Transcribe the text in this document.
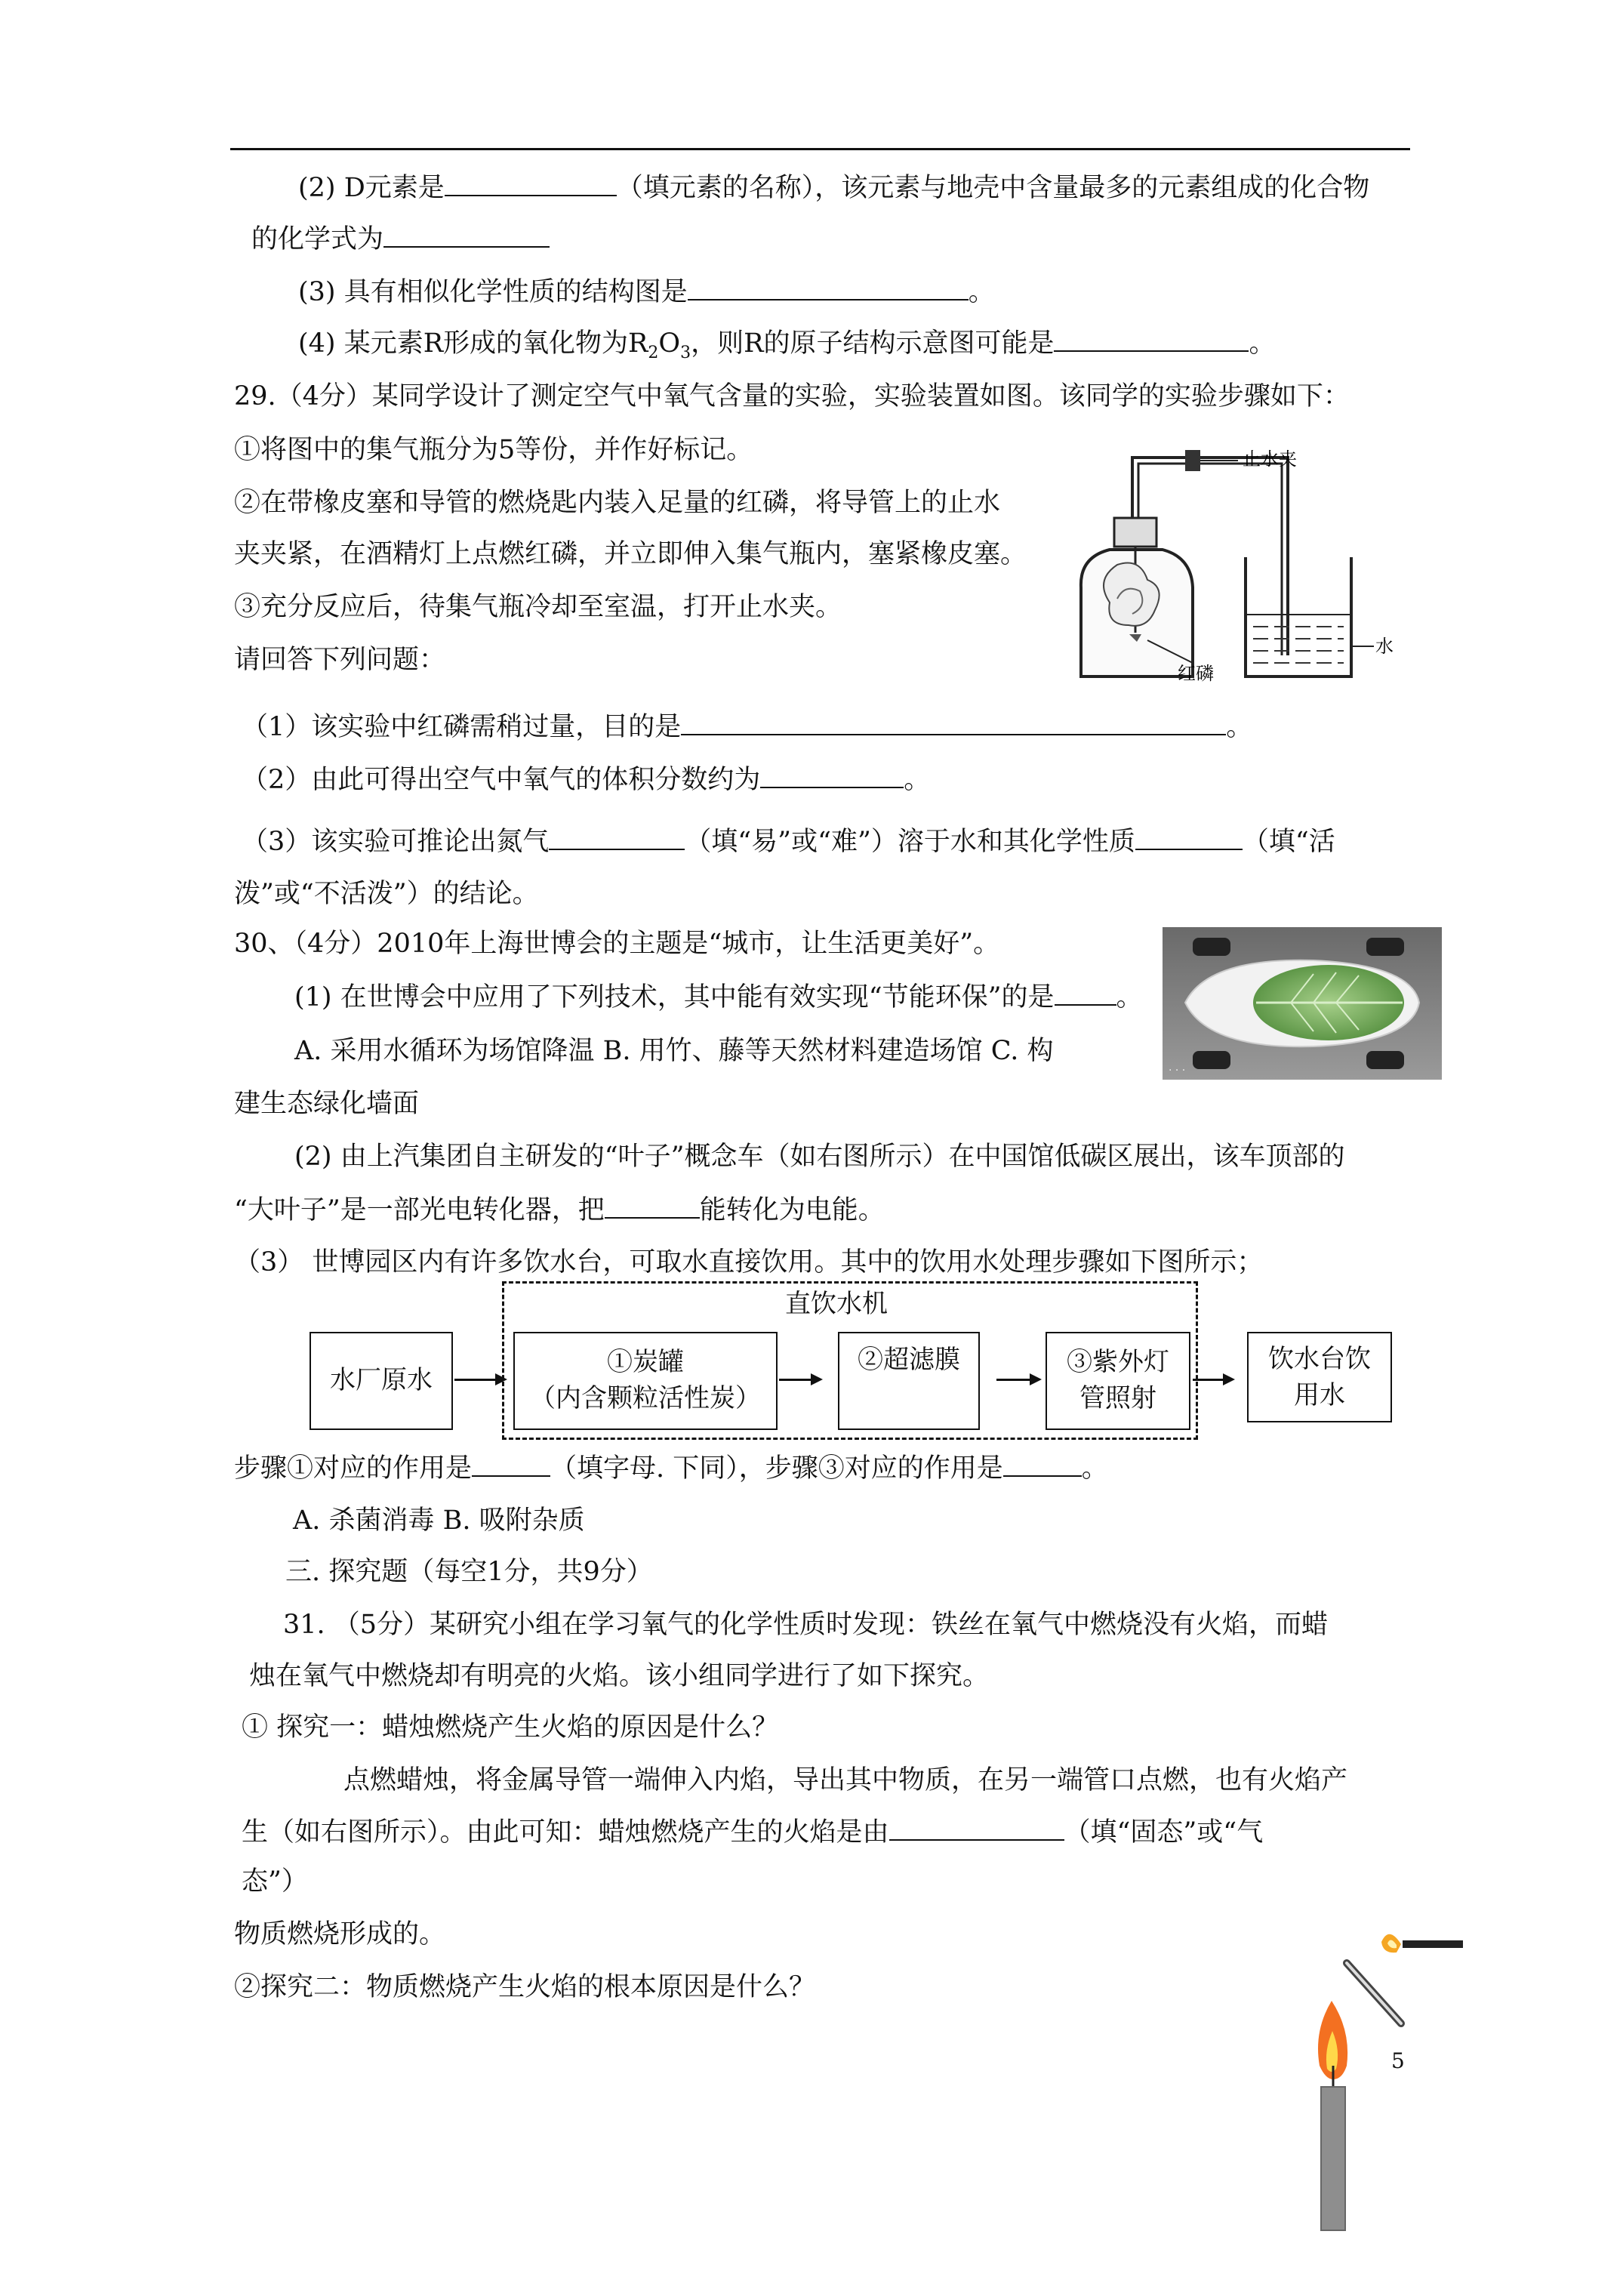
(2) D元素是	（填元素的名称），该元素与地壳中含量最多的元素组成的化合物
的化学式为
(3) 具有相似化学性质的结构图是	。
(4) 某元素R形成的氧化物为$R_2O_3$，则R的原子结构示意图可能是	。
29.（4分）某同学设计了测定空气中氧气含量的实验，实验装置如图。该同学的实验步骤如下：
①将图中的集气瓶分为5等份，并作好标记。
②在带橡皮塞和导管的燃烧匙内装入足量的红磷，将导管上的止水
夹夹紧，在酒精灯上点燃红磷，并立即伸入集气瓶内，塞紧橡皮塞。
③充分反应后，待集气瓶冷却至室温，打开止水夹。
请回答下列问题：
止水夹
水
红磷
（1）该实验中红磷需稍过量，目的是	。
（2）由此可得出空气中氧气的体积分数约为	。
（3）该实验可推论出氮气	（填“易”或“难”）溶于水和其化学性质	（填“活
泼”或“不活泼”）的结论。
30、（4分）2010年上海世博会的主题是“城市，让生活更美好”。
(1) 在世博会中应用了下列技术，其中能有效实现“节能环保”的是 。
A. 采用水循环为场馆降温 B. 用竹、藤等天然材料建造场馆 C. 构
建生态绿化墙面
· · ·
(2) 由上汽集团自主研发的“叶子”概念车（如右图所示）在中国馆低碳区展出，该车顶部的
“大叶子”是一部光电转化器，把	能转化为电能。
（3） 世博园区内有许多饮水台，可取水直接饮用。其中的饮用水处理步骤如下图所示；
直饮水机
水厂原水
①炭罐
（内含颗粒活性炭）
②超滤膜	③紫外灯
管照射
饮水台饮
用水
步骤①对应的作用是	（填字母. 下同），步骤③对应的作用是	。
A. 杀菌消毒 B. 吸附杂质
三. 探究题（每空1分，共9分）
31. （5分）某研究小组在学习氧气的化学性质时发现：铁丝在氧气中燃烧没有火焰，而蜡
烛在氧气中燃烧却有明亮的火焰。该小组同学进行了如下探究。
① 探究一：蜡烛燃烧产生火焰的原因是什么？
点燃蜡烛，将金属导管一端伸入内焰，导出其中物质，在另一端管口点燃，也有火焰产
生（如右图所示）。由此可知：蜡烛燃烧产生的火焰是由	（填“固态”或“气
态”）
物质燃烧形成的。
②探究二：物质燃烧产生火焰的根本原因是什么？
5
